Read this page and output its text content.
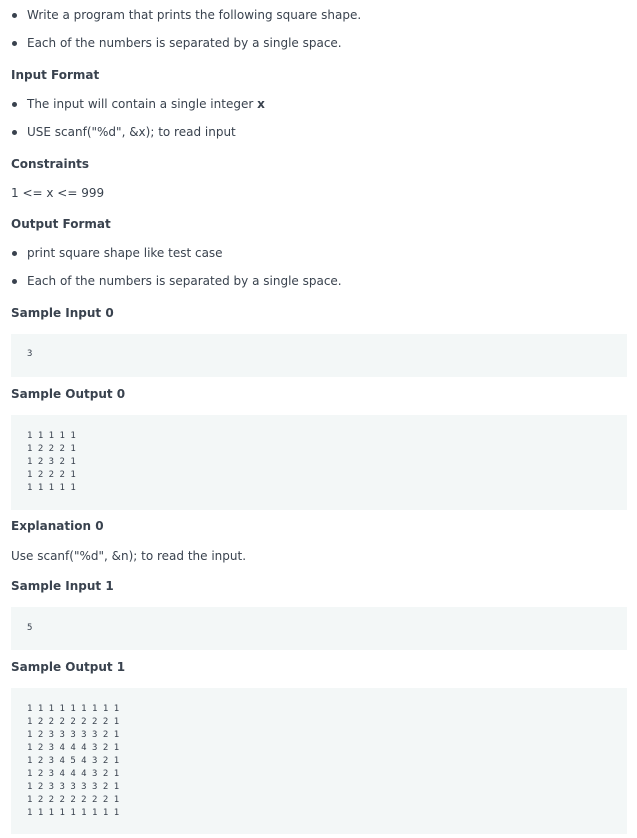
Write a program that prints the following square shape.
Each of the numbers is separated by a single space.
Input Format
The input will contain a single integer x
USE scanf("%d", &x); to read input
Constraints
1 <= x <= 999
Output Format
print square shape like test case
Each of the numbers is separated by a single space.
Sample Input 0
3
Sample Output 0
1 1 1 1 1
1 2 2 2 1
1 2 3 2 1
1 2 2 2 1
1 1 1 1 1
Explanation 0
Use scanf("%d", &n); to read the input.
Sample Input 1
5
Sample Output 1
1 1 1 1 1 1 1 1 1
1 2 2 2 2 2 2 2 1
1 2 3 3 3 3 3 2 1
1 2 3 4 4 4 3 2 1
1 2 3 4 5 4 3 2 1
1 2 3 4 4 4 3 2 1
1 2 3 3 3 3 3 2 1
1 2 2 2 2 2 2 2 1
1 1 1 1 1 1 1 1 1
